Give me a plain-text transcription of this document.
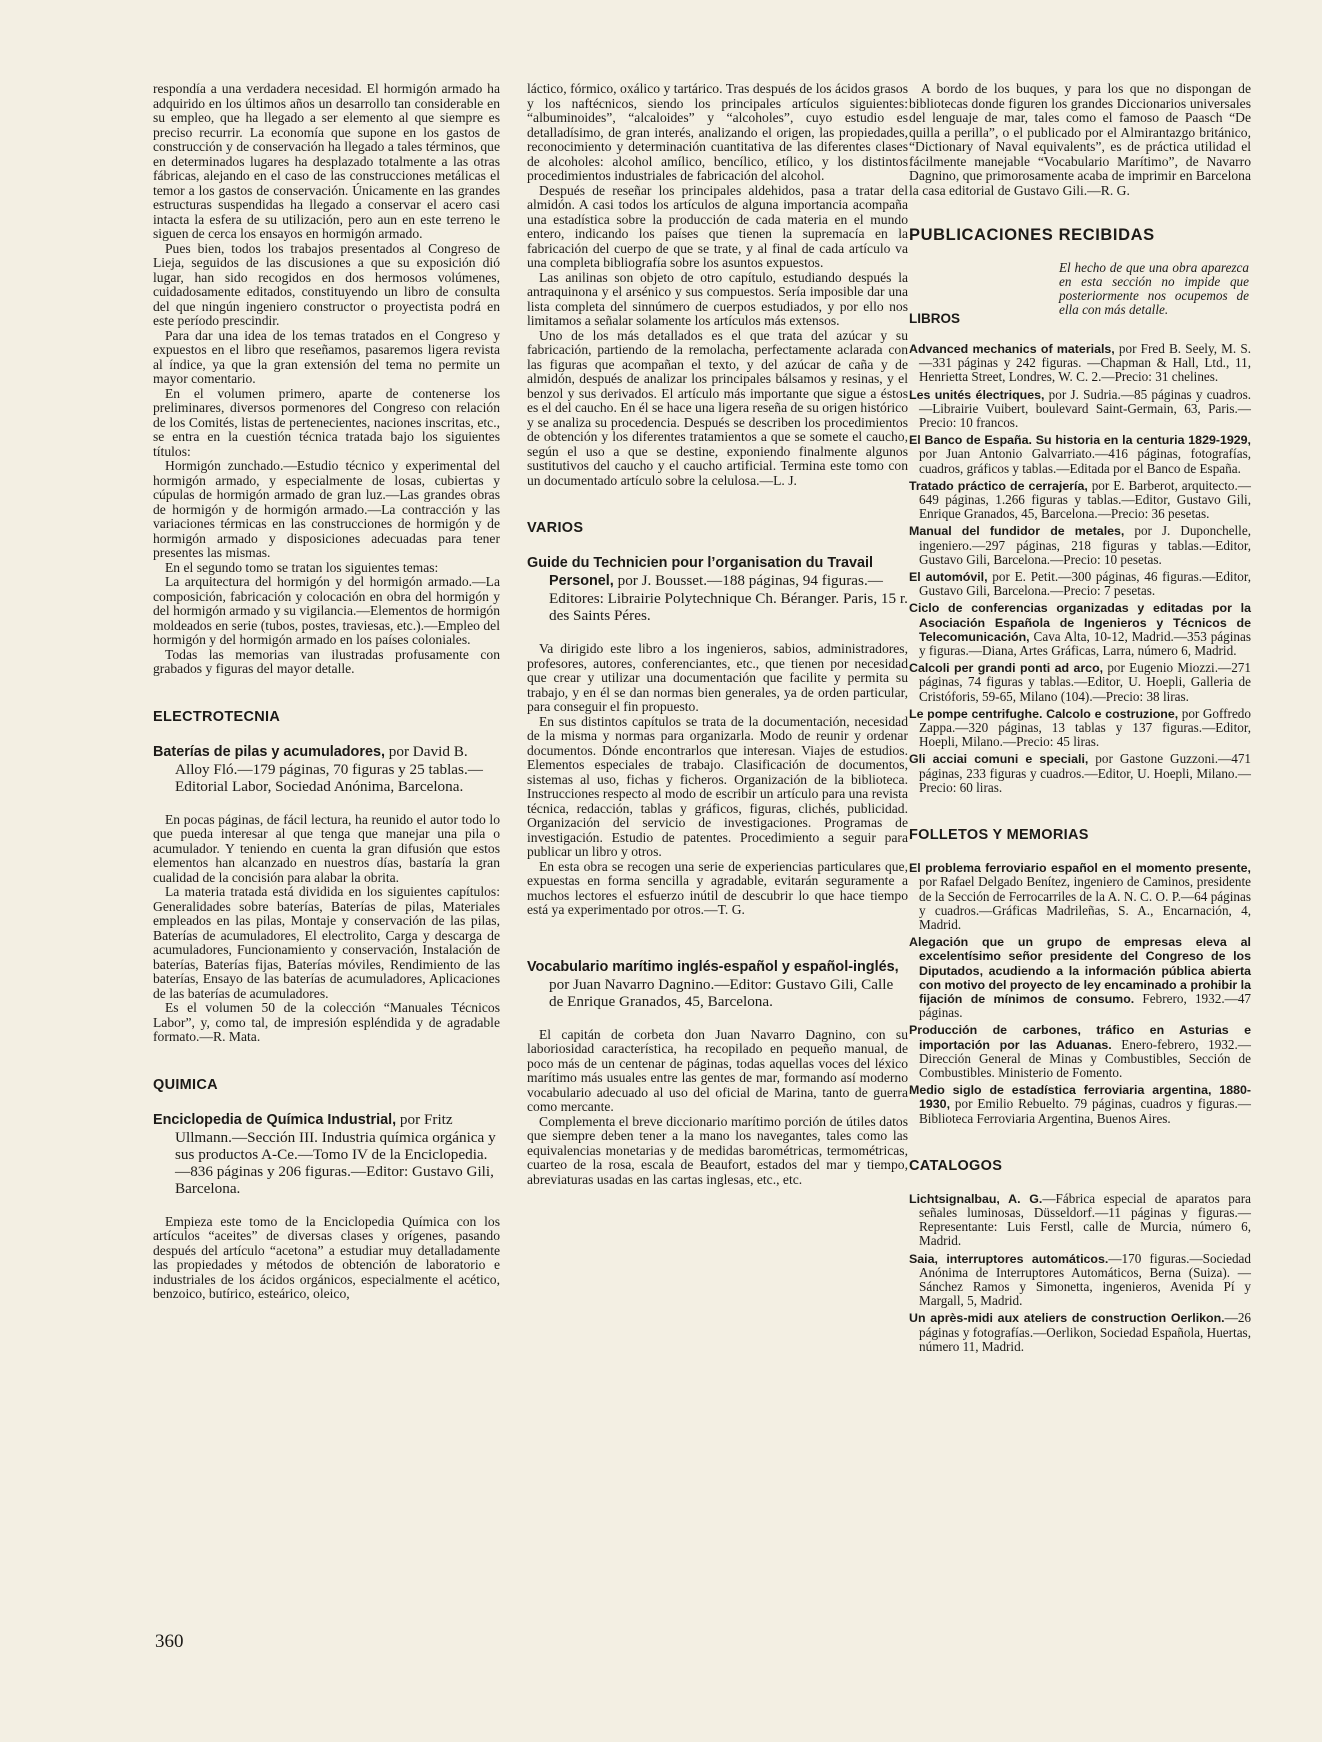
respondía a una verdadera necesidad. El hormigón armado ha adquirido en los últimos años un desarrollo tan considerable en su empleo, que ha llegado a ser elemento al que siempre es preciso recurrir. La economía que supone en los gastos de construcción y de conservación ha llegado a tales términos, que en determinados lugares ha desplazado totalmente a las otras fábricas, alejando en el caso de las construcciones metálicas el temor a los gastos de conservación. Únicamente en las grandes estructuras suspendidas ha llegado a conservar el acero casi intacta la esfera de su utilización, pero aun en este terreno le siguen de cerca los ensayos en hormigón armado.

Pues bien, todos los trabajos presentados al Congreso de Lieja, seguidos de las discusiones a que su exposición dió lugar, han sido recogidos en dos hermosos volúmenes, cuidadosamente editados, constituyendo un libro de consulta del que ningún ingeniero constructor o proyectista podrá en este período prescindir.

Para dar una idea de los temas tratados en el Congreso y expuestos en el libro que reseñamos, pasaremos ligera revista al índice, ya que la gran extensión del tema no permite un mayor comentario.

En el volumen primero, aparte de contenerse los preliminares, diversos pormenores del Congreso con relación de los Comités, listas de pertenecientes, naciones inscritas, etc., se entra en la cuestión técnica tratada bajo los siguientes títulos:

Hormigón zunchado.—Estudio técnico y experimental del hormigón armado, y especialmente de losas, cubiertas y cúpulas de hormigón armado de gran luz.—Las grandes obras de hormigón y de hormigón armado.—La contracción y las variaciones térmicas en las construcciones de hormigón y de hormigón armado y disposiciones adecuadas para tener presentes las mismas.

En el segundo tomo se tratan los siguientes temas:

La arquitectura del hormigón y del hormigón armado.—La composición, fabricación y colocación en obra del hormigón y del hormigón armado y su vigilancia.—Elementos de hormigón moldeados en serie (tubos, postes, traviesas, etc.).—Empleo del hormigón y del hormigón armado en los países coloniales.

Todas las memorias van ilustradas profusamente con grabados y figuras del mayor detalle.

ELECTROTECNIA
Baterías de pilas y acumuladores, por David B. Alloy Fló.—179 páginas, 70 figuras y 25 tablas.—Editorial Labor, Sociedad Anónima, Barcelona.

En pocas páginas, de fácil lectura, ha reunido el autor todo lo que pueda interesar al que tenga que manejar una pila o acumulador. Y teniendo en cuenta la gran difusión que estos elementos han alcanzado en nuestros días, bastaría la gran cualidad de la concisión para alabar la obrita.

La materia tratada está dividida en los siguientes capítulos: Generalidades sobre baterías, Baterías de pilas, Materiales empleados en las pilas, Montaje y conservación de las pilas, Baterías de acumuladores, El electrolito, Carga y descarga de acumuladores, Funcionamiento y conservación, Instalación de baterías, Baterías fijas, Baterías móviles, Rendimiento de las baterías, Ensayo de las baterías de acumuladores, Aplicaciones de las baterías de acumuladores.

Es el volumen 50 de la colección “Manuales Técnicos Labor”, y, como tal, de impresión espléndida y de agradable formato.—R. Mata.

QUIMICA
Enciclopedia de Química Industrial, por Fritz Ullmann.—Sección III. Industria química orgánica y sus productos A-Ce.—Tomo IV de la Enciclopedia.—836 páginas y 206 figuras.—Editor: Gustavo Gili, Barcelona.

Empieza este tomo de la Enciclopedia Química con los artículos “aceites” de diversas clases y orígenes, pasando después del artículo “acetona” a estudiar muy detalladamente las propiedades y métodos de obtención de laboratorio e industriales de los ácidos orgánicos, especialmente el acético, benzoico, butírico, esteárico, oleico,

láctico, fórmico, oxálico y tartárico. Tras después de los ácidos grasos y los naftécnicos, siendo los principales artículos siguientes: “albuminoides”, “alcaloides” y “alcoholes”, cuyo estudio es detalladísimo, de gran interés, analizando el origen, las propiedades, reconocimiento y determinación cuantitativa de las diferentes clases de alcoholes: alcohol amílico, bencílico, etílico, y los distintos procedimientos industriales de fabricación del alcohol.

Después de reseñar los principales aldehidos, pasa a tratar del almidón. A casi todos los artículos de alguna importancia acompaña una estadística sobre la producción de cada materia en el mundo entero, indicando los países que tienen la supremacía en la fabricación del cuerpo de que se trate, y al final de cada artículo va una completa bibliografía sobre los asuntos expuestos.

Las anilinas son objeto de otro capítulo, estudiando después la antraquinona y el arsénico y sus compuestos. Sería imposible dar una lista completa del sinnúmero de cuerpos estudiados, y por ello nos limitamos a señalar solamente los artículos más extensos.

Uno de los más detallados es el que trata del azúcar y su fabricación, partiendo de la remolacha, perfectamente aclarada con las figuras que acompañan el texto, y del azúcar de caña y de almidón, después de analizar los principales bálsamos y resinas, y el benzol y sus derivados. El artículo más importante que sigue a éstos es el del caucho. En él se hace una ligera reseña de su origen histórico y se analiza su procedencia. Después se describen los procedimientos de obtención y los diferentes tratamientos a que se somete el caucho, según el uso a que se destine, exponiendo finalmente algunos sustitutivos del caucho y el caucho artificial. Termina este tomo con un documentado artículo sobre la celulosa.—L. J.

VARIOS
Guide du Technicien pour l’organisation du Travail Personel, por J. Bousset.—188 páginas, 94 figuras.—Editores: Librairie Polytechnique Ch. Béranger. Paris, 15 r. des Saints Péres.

Va dirigido este libro a los ingenieros, sabios, administradores, profesores, autores, conferenciantes, etc., que tienen por necesidad que crear y utilizar una documentación que facilite y permita su trabajo, y en él se dan normas bien generales, ya de orden particular, para conseguir el fin propuesto.

En sus distintos capítulos se trata de la documentación, necesidad de la misma y normas para organizarla. Modo de reunir y ordenar documentos. Dónde encontrarlos que interesan. Viajes de estudios. Elementos especiales de trabajo. Clasificación de documentos, sistemas al uso, fichas y ficheros. Organización de la biblioteca. Instrucciones respecto al modo de escribir un artículo para una revista técnica, redacción, tablas y gráficos, figuras, clichés, publicidad. Organización del servicio de investigaciones. Programas de investigación. Estudio de patentes. Procedimiento a seguir para publicar un libro y otros.

En esta obra se recogen una serie de experiencias particulares que, expuestas en forma sencilla y agradable, evitarán seguramente a muchos lectores el esfuerzo inútil de descubrir lo que hace tiempo está ya experimentado por otros.—T. G.

Vocabulario marítimo inglés-español y español-inglés, por Juan Navarro Dagnino.—Editor: Gustavo Gili, Calle de Enrique Granados, 45, Barcelona.

El capitán de corbeta don Juan Navarro Dagnino, con su laboriosidad característica, ha recopilado en pequeño manual, de poco más de un centenar de páginas, todas aquellas voces del léxico marítimo más usuales entre las gentes de mar, formando así moderno vocabulario adecuado al uso del oficial de Marina, tanto de guerra como mercante.

Complementa el breve diccionario marítimo porción de útiles datos que siempre deben tener a la mano los navegantes, tales como las equivalencias monetarias y de medidas barométricas, termométricas, cuarteo de la rosa, escala de Beaufort, estados del mar y tiempo, abreviaturas usadas en las cartas inglesas, etc., etc.

A bordo de los buques, y para los que no dispongan de bibliotecas donde figuren los grandes Diccionarios universales del lenguaje de mar, tales como el famoso de Paasch “De quilla a perilla”, o el publicado por el Almirantazgo británico, “Dictionary of Naval equivalents”, es de práctica utilidad el fácilmente manejable “Vocabulario Marítimo”, de Navarro Dagnino, que primorosamente acaba de imprimir en Barcelona la casa editorial de Gustavo Gili.—R. G.

PUBLICACIONES RECIBIDAS

El hecho de que una obra aparezca en esta sección no impide que posteriormente nos ocupemos de ella con más detalle.

LIBROS

Advanced mechanics of materials, por Fred B. Seely, M. S.—331 páginas y 242 figuras. —Chapman & Hall, Ltd., 11, Henrietta Street, Londres, W. C. 2.—Precio: 31 chelines.

Les unités électriques, por J. Sudria.—85 páginas y cuadros.—Librairie Vuibert, boulevard Saint-Germain, 63, Paris.—Precio: 10 francos.

El Banco de España. Su historia en la centuria 1829-1929, por Juan Antonio Galvarriato.—416 páginas, fotografías, cuadros, gráficos y tablas.—Editada por el Banco de España.

Tratado práctico de cerrajería, por E. Barberot, arquitecto.—649 páginas, 1.266 figuras y tablas.—Editor, Gustavo Gili, Enrique Granados, 45, Barcelona.—Precio: 36 pesetas.

Manual del fundidor de metales, por J. Duponchelle, ingeniero.—297 páginas, 218 figuras y tablas.—Editor, Gustavo Gili, Barcelona.—Precio: 10 pesetas.

El automóvil, por E. Petit.—300 páginas, 46 figuras.—Editor, Gustavo Gili, Barcelona.—Precio: 7 pesetas.

Ciclo de conferencias organizadas y editadas por la Asociación Española de Ingenieros y Técnicos de Telecomunicación, Cava Alta, 10-12, Madrid.—353 páginas y figuras.—Diana, Artes Gráficas, Larra, número 6, Madrid.

Calcoli per grandi ponti ad arco, por Eugenio Miozzi.—271 páginas, 74 figuras y tablas.—Editor, U. Hoepli, Galleria de Cristóforis, 59-65, Milano (104).—Precio: 38 liras.

Le pompe centrifughe. Calcolo e costruzione, por Goffredo Zappa.—320 páginas, 13 tablas y 137 figuras.—Editor, Hoepli, Milano.—Precio: 45 liras.

Gli acciai comuni e speciali, por Gastone Guzzoni.—471 páginas, 233 figuras y cuadros.—Editor, U. Hoepli, Milano.—Precio: 60 liras.

FOLLETOS Y MEMORIAS

El problema ferroviario español en el momento presente, por Rafael Delgado Benítez, ingeniero de Caminos, presidente de la Sección de Ferrocarriles de la A. N. C. O. P.—64 páginas y cuadros.—Gráficas Madrileñas, S. A., Encarnación, 4, Madrid.

Alegación que un grupo de empresas eleva al excelentísimo señor presidente del Congreso de los Diputados, acudiendo a la información pública abierta con motivo del proyecto de ley encaminado a prohibir la fijación de mínimos de consumo. Febrero, 1932.—47 páginas.

Producción de carbones, tráfico en Asturias e importación por las Aduanas. Enero-febrero, 1932.—Dirección General de Minas y Combustibles, Sección de Combustibles. Ministerio de Fomento.

Medio siglo de estadística ferroviaria argentina, 1880-1930, por Emilio Rebuelto. 79 páginas, cuadros y figuras.—Biblioteca Ferroviaria Argentina, Buenos Aires.

CATALOGOS

Lichtsignalbau, A. G.—Fábrica especial de aparatos para señales luminosas, Düsseldorf.—11 páginas y figuras.—Representante: Luis Ferstl, calle de Murcia, número 6, Madrid.

Saia, interruptores automáticos.—170 figuras.—Sociedad Anónima de Interruptores Automáticos, Berna (Suiza). — Sánchez Ramos y Simonetta, ingenieros, Avenida Pí y Margall, 5, Madrid.

Un après-midi aux ateliers de construction Oerlikon.—26 páginas y fotografías.—Oerlikon, Sociedad Española, Huertas, número 11, Madrid.

360
